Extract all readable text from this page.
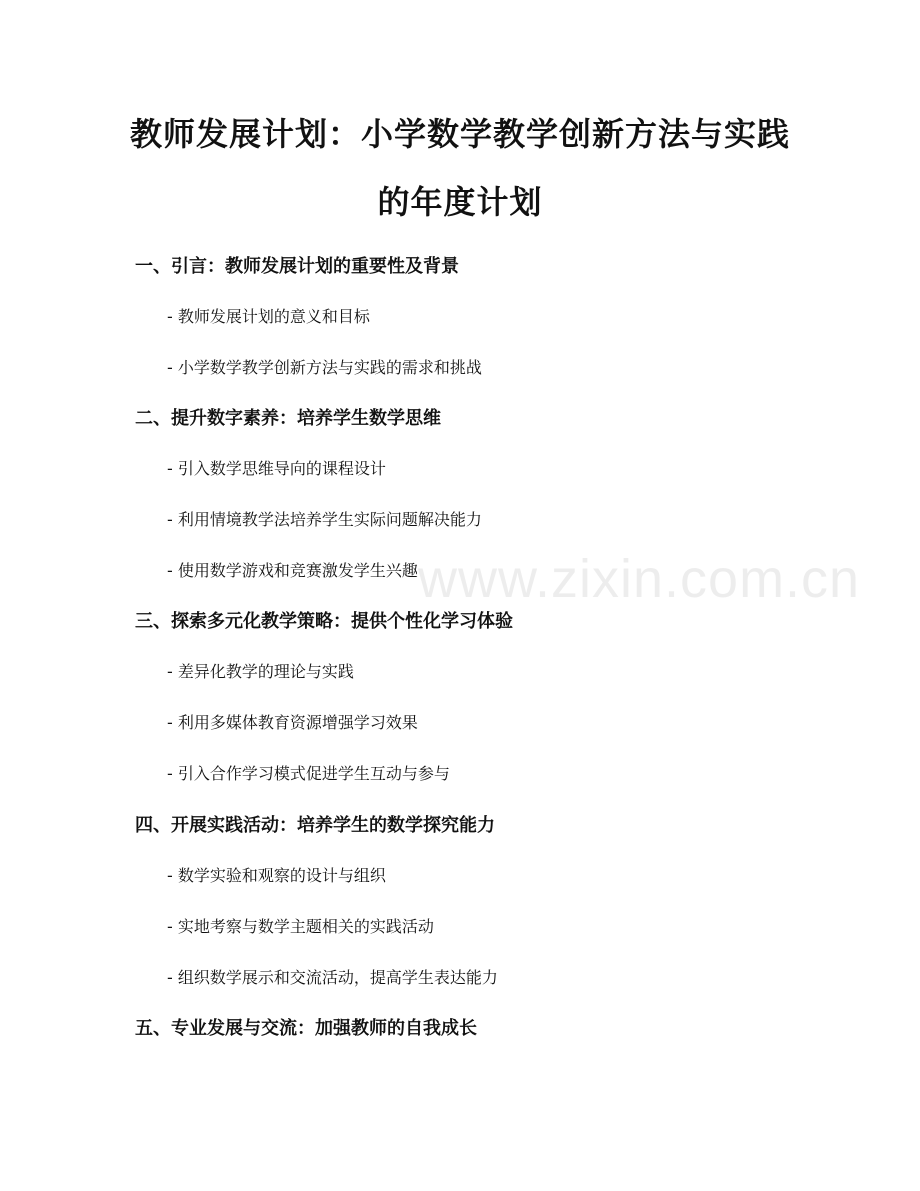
www.zixin.com.cn
教师发展计划：小学数学教学创新方法与实践的年度计划
一、引言：教师发展计划的重要性及背景
- 教师发展计划的意义和目标
- 小学数学教学创新方法与实践的需求和挑战
二、提升数字素养：培养学生数学思维
- 引入数学思维导向的课程设计
- 利用情境教学法培养学生实际问题解决能力
- 使用数学游戏和竞赛激发学生兴趣
三、探索多元化教学策略：提供个性化学习体验
- 差异化教学的理论与实践
- 利用多媒体教育资源增强学习效果
- 引入合作学习模式促进学生互动与参与
四、开展实践活动：培养学生的数学探究能力
- 数学实验和观察的设计与组织
- 实地考察与数学主题相关的实践活动
- 组织数学展示和交流活动，提高学生表达能力
五、专业发展与交流：加强教师的自我成长
